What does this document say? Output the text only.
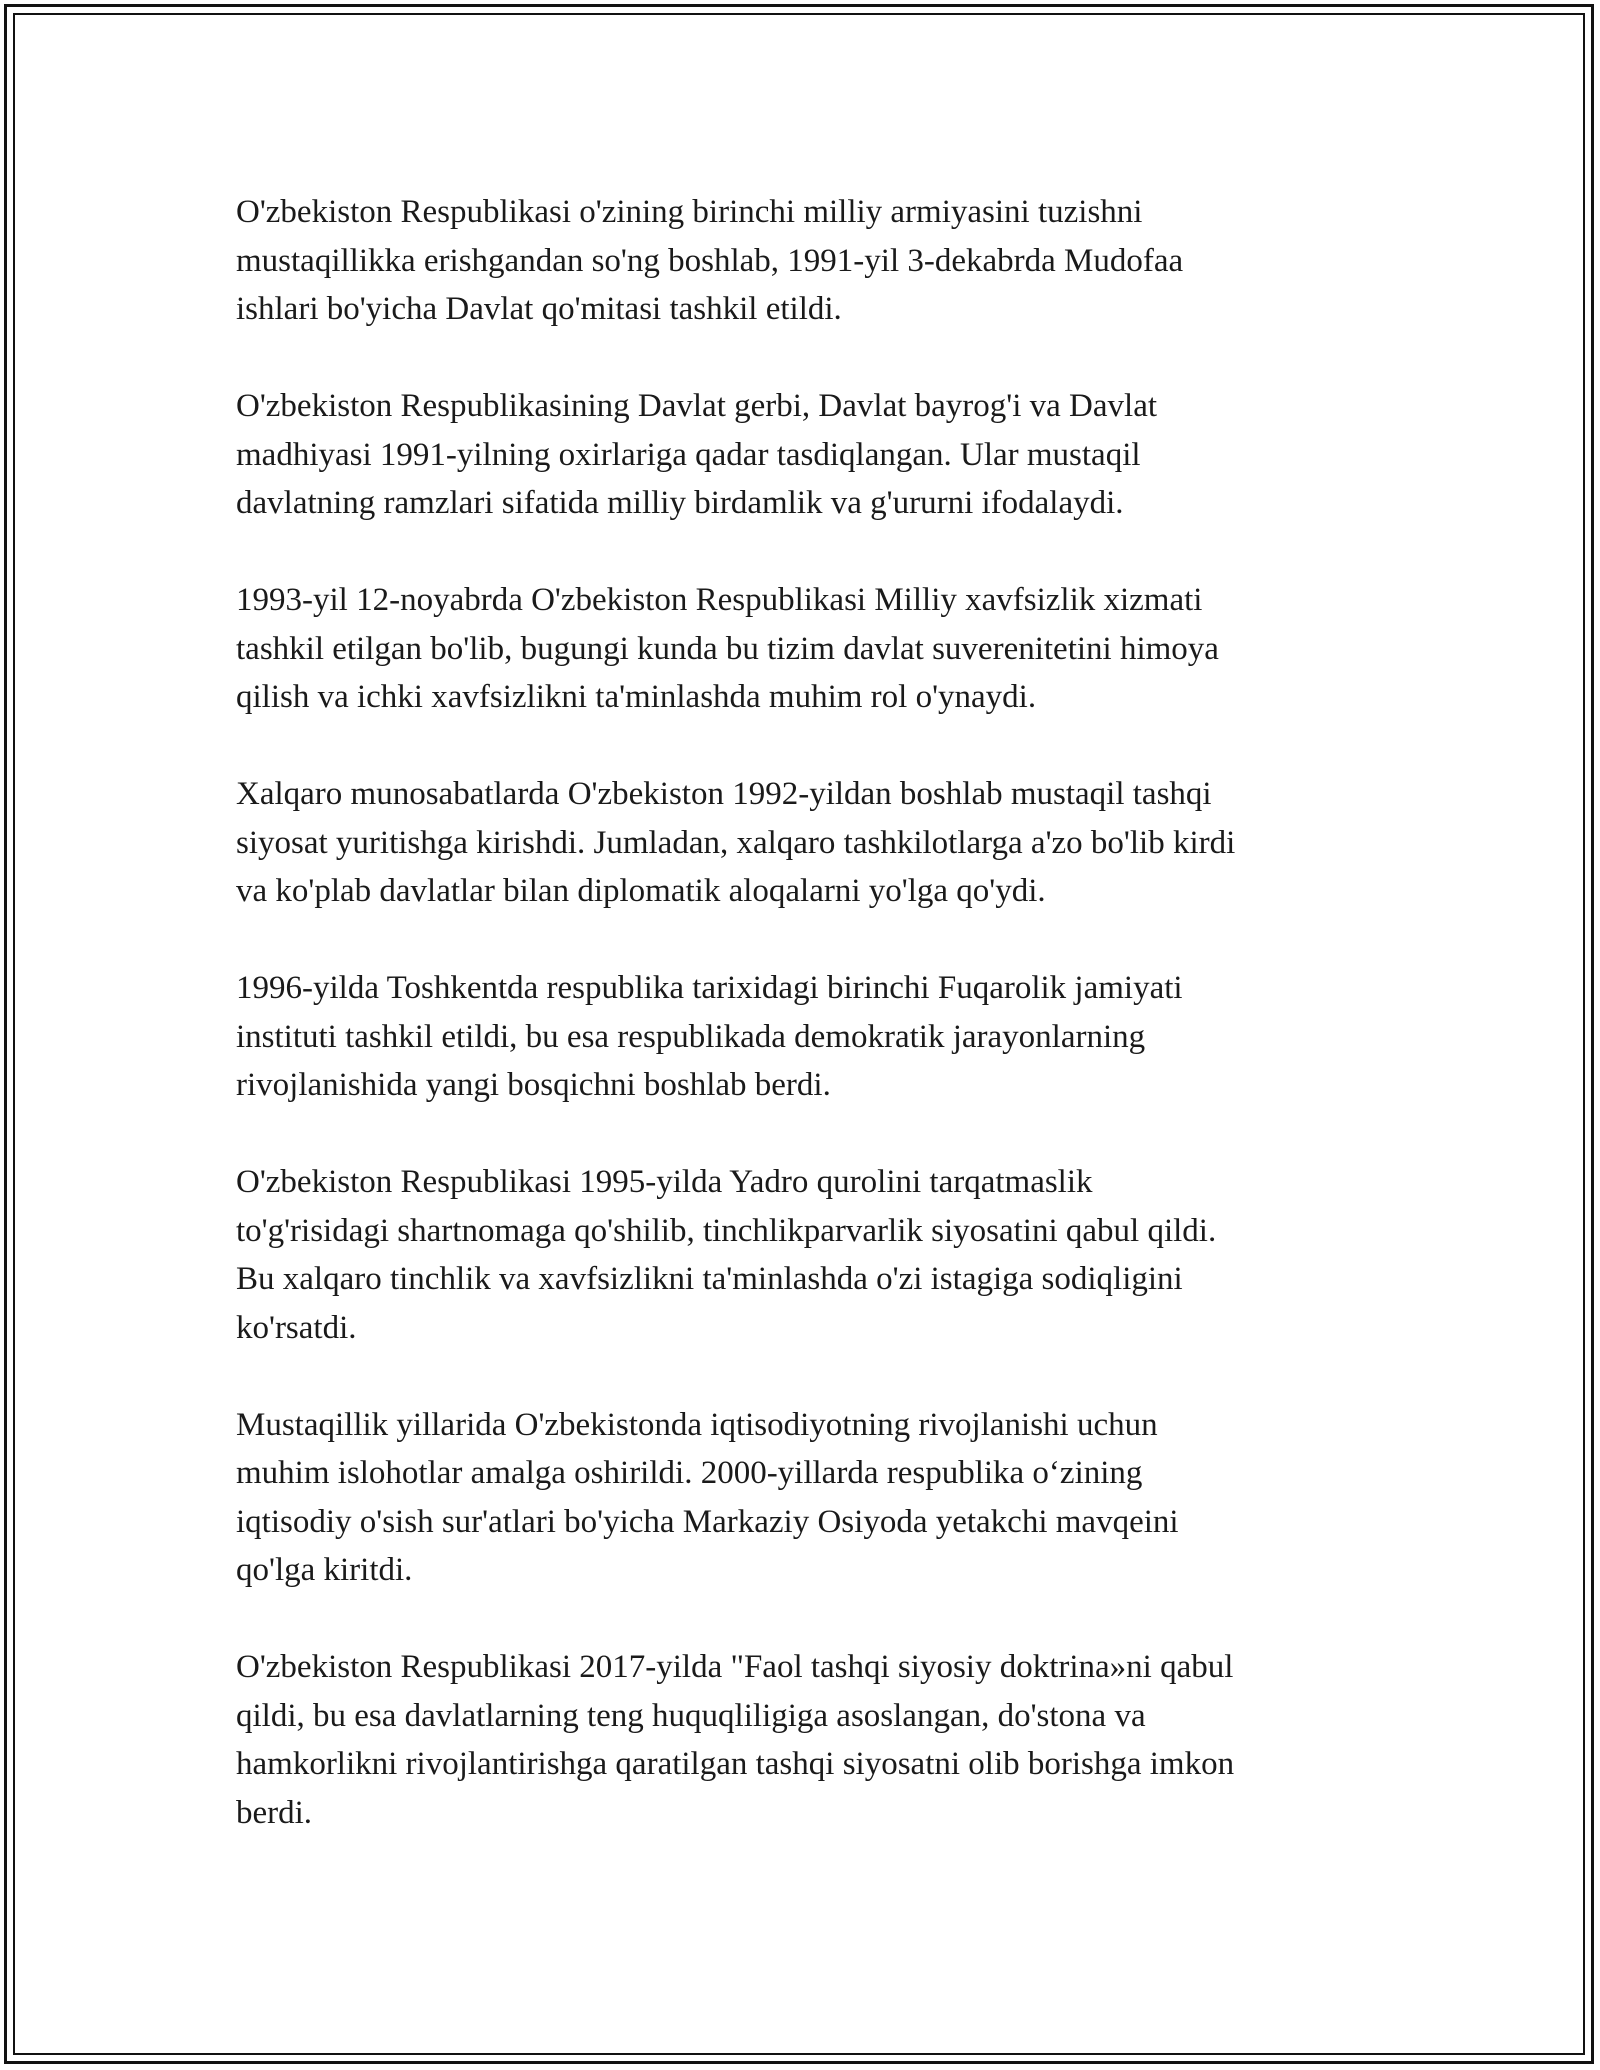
O'zbekiston Respublikasi o'zining birinchi milliy armiyasini tuzishni
mustaqillikka erishgandan so'ng boshlab, 1991-yil 3-dekabrda Mudofaa
ishlari bo'yicha Davlat qo'mitasi tashkil etildi.

O'zbekiston Respublikasining Davlat gerbi, Davlat bayrog'i va Davlat
madhiyasi 1991-yilning oxirlariga qadar tasdiqlangan. Ular mustaqil
davlatning ramzlari sifatida milliy birdamlik va g'ururni ifodalaydi.

1993-yil 12-noyabrda O'zbekiston Respublikasi Milliy xavfsizlik xizmati
tashkil etilgan bo'lib, bugungi kunda bu tizim davlat suverenitetini himoya
qilish va ichki xavfsizlikni ta'minlashda muhim rol o'ynaydi.

Xalqaro munosabatlarda O'zbekiston 1992-yildan boshlab mustaqil tashqi
siyosat yuritishga kirishdi. Jumladan, xalqaro tashkilotlarga a'zo bo'lib kirdi
va ko'plab davlatlar bilan diplomatik aloqalarni yo'lga qo'ydi.

1996-yilda Toshkentda respublika tarixidagi birinchi Fuqarolik jamiyati
instituti tashkil etildi, bu esa respublikada demokratik jarayonlarning
rivojlanishida yangi bosqichni boshlab berdi.

O'zbekiston Respublikasi 1995-yilda Yadro qurolini tarqatmaslik
to'g'risidagi shartnomaga qo'shilib, tinchlikparvarlik siyosatini qabul qildi.
Bu xalqaro tinchlik va xavfsizlikni ta'minlashda o'zi istagiga sodiqligini
ko'rsatdi.

Mustaqillik yillarida O'zbekistonda iqtisodiyotning rivojlanishi uchun
muhim islohotlar amalga oshirildi. 2000-yillarda respublika o‘zining
iqtisodiy o'sish sur'atlari bo'yicha Markaziy Osiyoda yetakchi mavqeini
qo'lga kiritdi.

O'zbekiston Respublikasi 2017-yilda "Faol tashqi siyosiy doktrina»ni qabul
qildi, bu esa davlatlarning teng huquqliligiga asoslangan, do'stona va
hamkorlikni rivojlantirishga qaratilgan tashqi siyosatni olib borishga imkon
berdi.
